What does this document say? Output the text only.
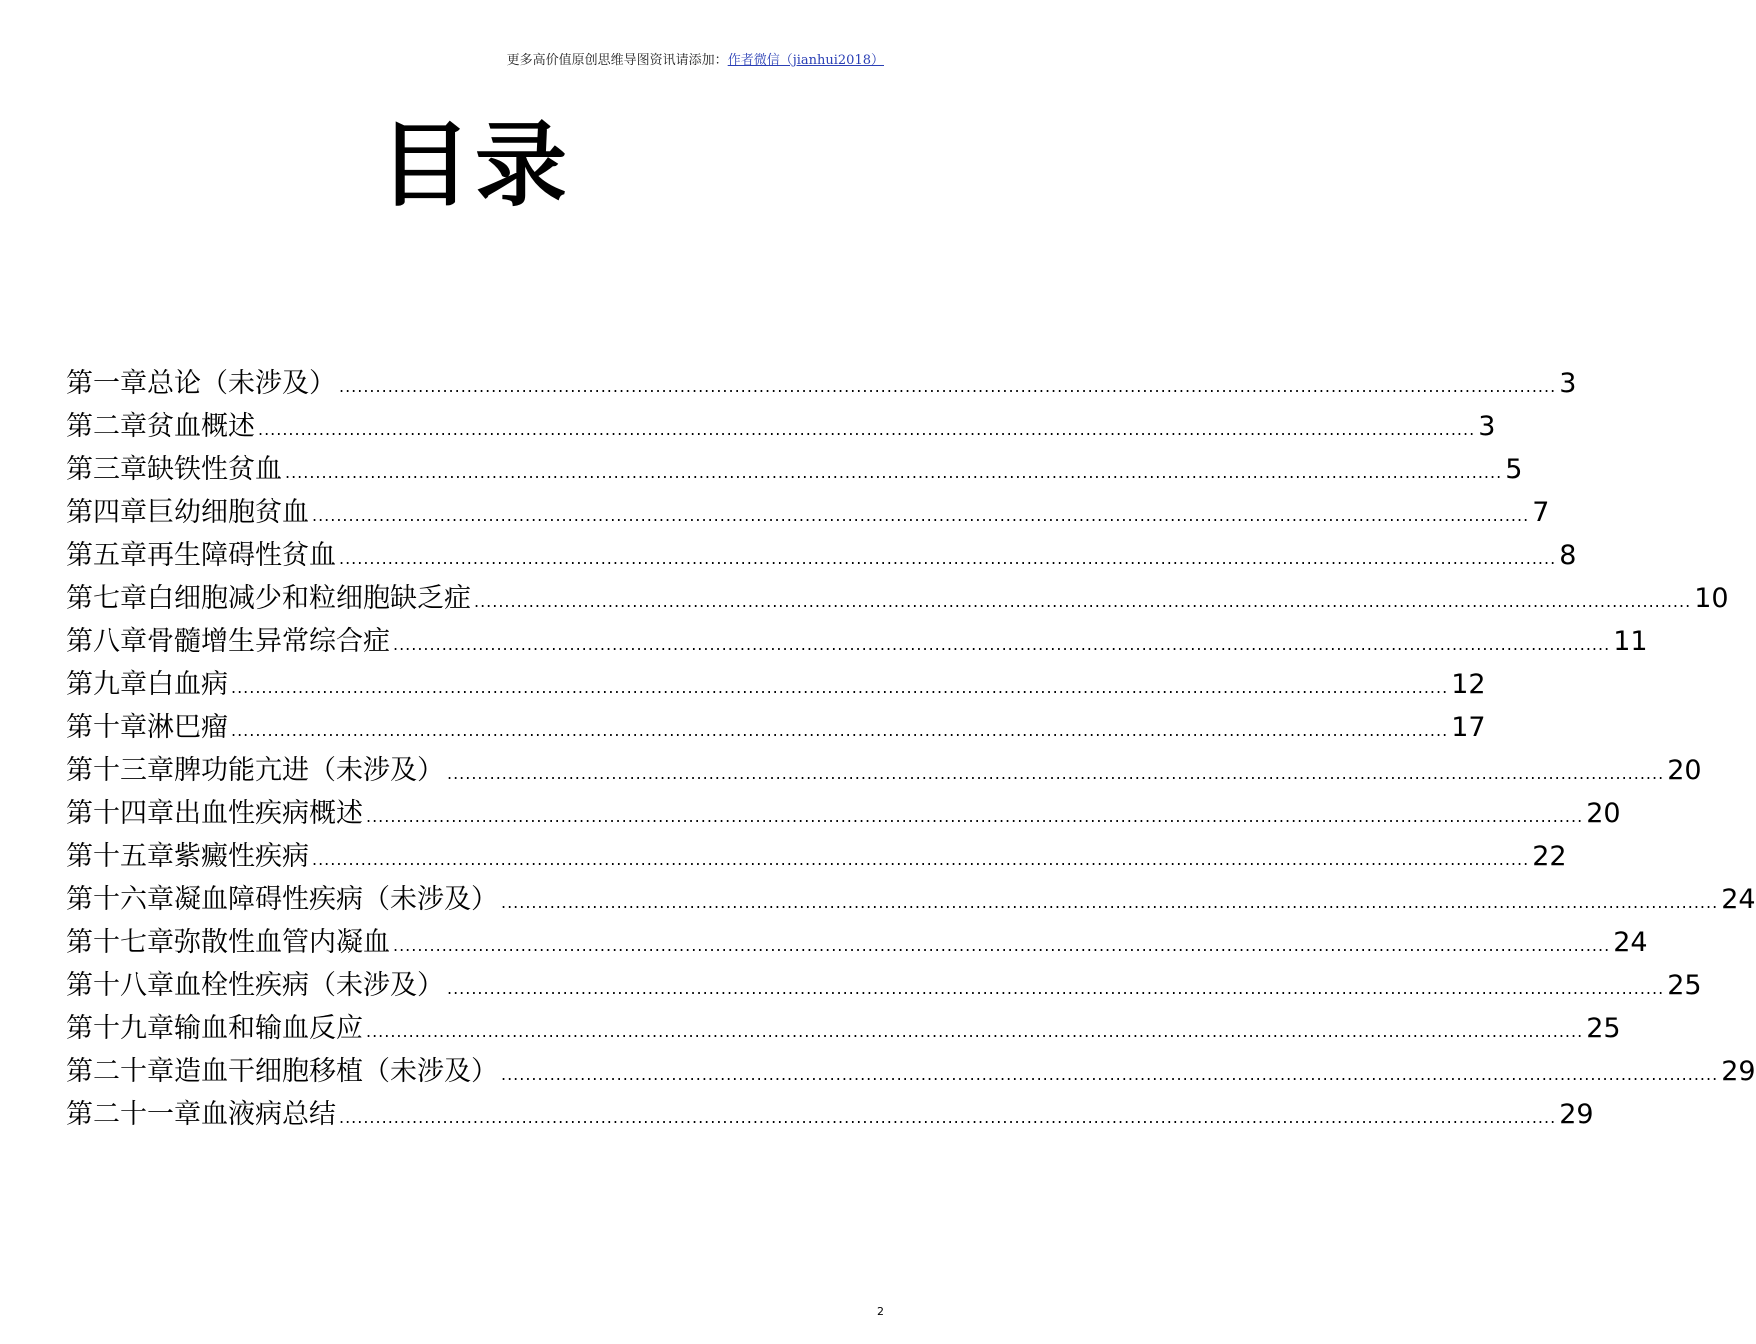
更多高价值原创思维导图资讯请添加：作者微信（jianhui2018）
目录
第一章 总论（未涉及） ........................................................................................................................................................................................................ 3
第二章 贫血概述 ........................................................................................................................................................................................................ 3
第三章 缺铁性贫血 ........................................................................................................................................................................................................ 5
第四章 巨幼细胞贫血 ........................................................................................................................................................................................................ 7
第五章 再生障碍性贫血 ........................................................................................................................................................................................................ 8
第七章 白细胞减少和粒细胞缺乏症 ........................................................................................................................................................................................................ 10
第八章 骨髓增生异常综合症 ........................................................................................................................................................................................................ 11
第九章 白血病 ........................................................................................................................................................................................................ 12
第十章 淋巴瘤 ........................................................................................................................................................................................................ 17
第十三章 脾功能亢进（未涉及） ........................................................................................................................................................................................................ 20
第十四章 出血性疾病概述 ........................................................................................................................................................................................................ 20
第十五章 紫癜性疾病 ........................................................................................................................................................................................................ 22
第十六章 凝血障碍性疾病（未涉及） ........................................................................................................................................................................................................ 24
第十七章 弥散性血管内凝血 ........................................................................................................................................................................................................ 24
第十八章 血栓性疾病（未涉及） ........................................................................................................................................................................................................ 25
第十九章 输血和输血反应 ........................................................................................................................................................................................................ 25
第二十章 造血干细胞移植（未涉及） ........................................................................................................................................................................................................ 29
第二十一章 血液病总结 ........................................................................................................................................................................................................ 29
2
